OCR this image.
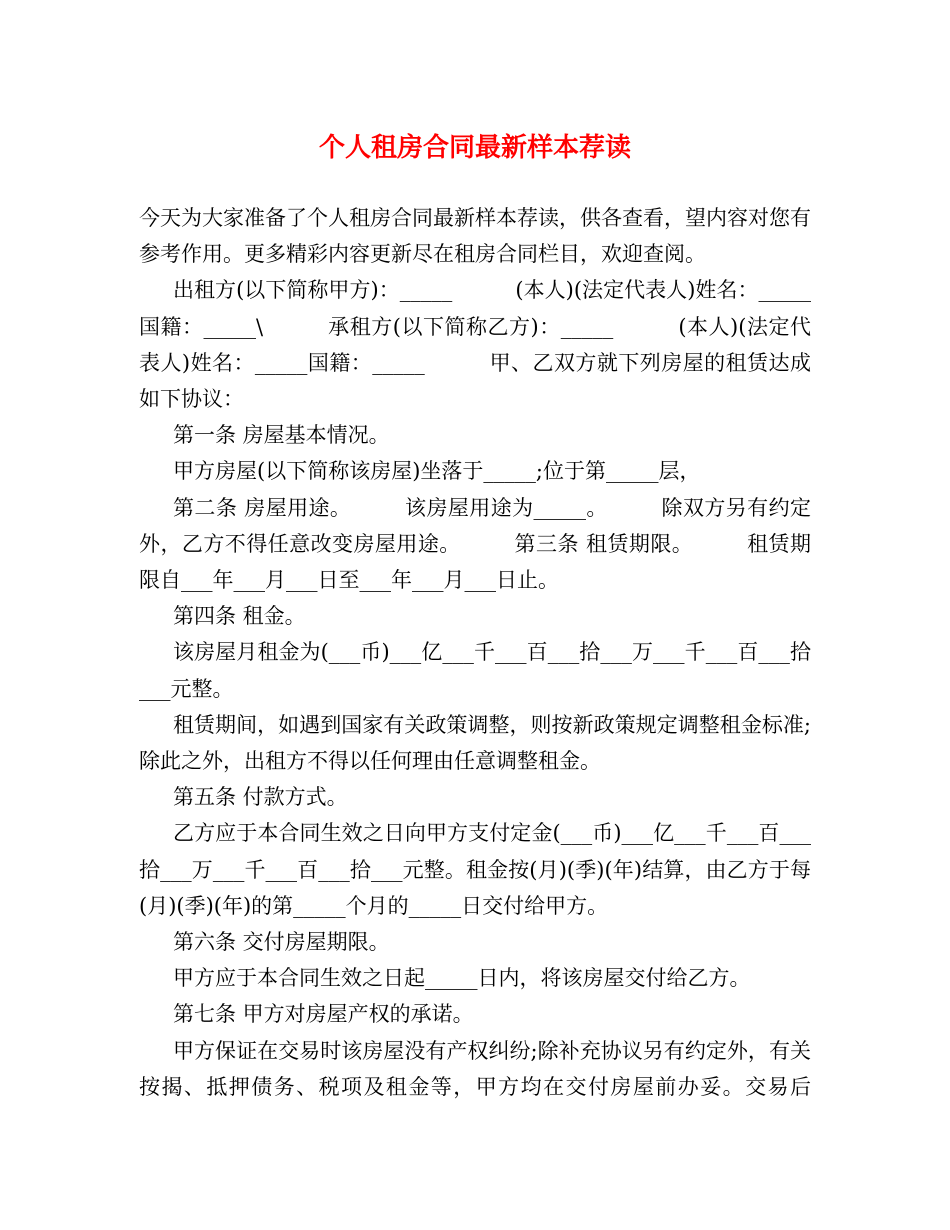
个人租房合同最新样本荐读

今天为大家准备了个人租房合同最新样本荐读，供各查看，望内容对您有参考作用。更多精彩内容更新尽在租房合同栏目，欢迎查阅。

出租方(以下简称甲方)：_____　　　(本人)(法定代表人)姓名：_____国籍：_____\　　　承租方(以下简称乙方)：_____　　　(本人)(法定代表人)姓名：_____国籍：_____　　　甲、乙双方就下列房屋的租赁达成如下协议：

第一条 房屋基本情况。

甲方房屋(以下简称该房屋)坐落于_____;位于第_____层，

第二条 房屋用途。　　　该房屋用途为_____。　　　除双方另有约定外，乙方不得任意改变房屋用途。　　　第三条 租赁期限。　　　租赁期限自___年___月___日至___年___月___日止。

第四条 租金。

该房屋月租金为(___币)___亿___千___百___拾___万___千___百___拾___元整。

租赁期间，如遇到国家有关政策调整，则按新政策规定调整租金标准;除此之外，出租方不得以任何理由任意调整租金。

第五条 付款方式。

乙方应于本合同生效之日向甲方支付定金(___币)___亿___千___百___拾___万___千___百___拾___元整。租金按(月)(季)(年)结算，由乙方于每(月)(季)(年)的第_____个月的_____日交付给甲方。

第六条 交付房屋期限。

甲方应于本合同生效之日起_____日内，将该房屋交付给乙方。

第七条 甲方对房屋产权的承诺。

甲方保证在交易时该房屋没有产权纠纷;除补充协议另有约定外，有关按揭、抵押债务、税项及租金等，甲方均在交付房屋前办妥。交易后
